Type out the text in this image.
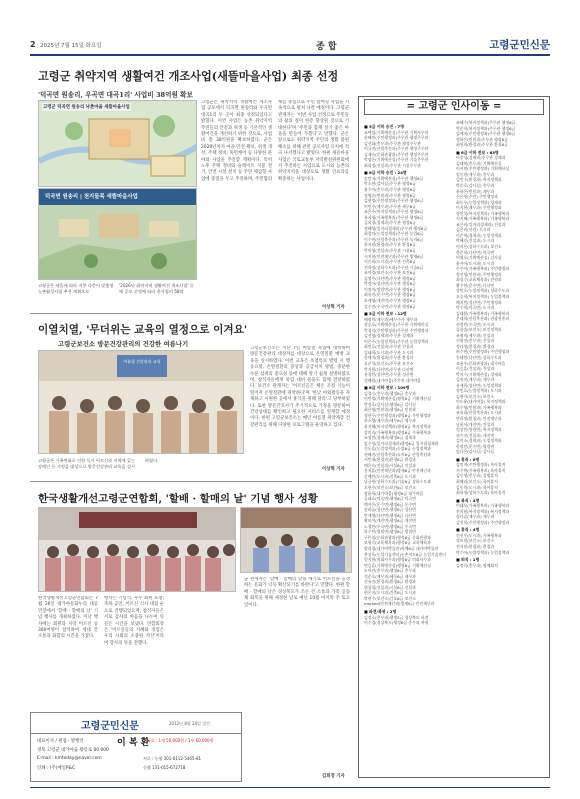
2 2025년 7월 15일 화요일	종 합	고령군민신문
고령군 취약지역 생활여건 개조사업(새뜰마을사업) 최종 선정
'덕곡면 원송리, 우곡면 대곡1리' 사업비 38억원 확보
고령군 덕곡면 원송리 낙촌마을 새뜰마을사업
덕곡면 원송리 | 천지들목 새뜰마을사업
고령군은 새뜰에 따라 지붕 다층이 맞춤형 농촌활성사업 추진 계획으로
'2026년 취약지역 생활여건 개조사업' 등에 공모 선정에 따라 총사업비 58억
고령군은 취약지역 생활여건 개조사업 공모에서 덕곡면 원송리와 우곡면 대곡1리 두 곳이 최종 선정되었다고 밝혔다. 이번 사업은 농촌 취약지역 주민들의 안전과 위생 등 기본적인 생활여건을 개선하기 위한 것으로, 사업비 총 38억원을 확보하였다. 군은 2029년까지 마을 안전 확보, 위생 개선, 주택 정비, 휴먼케어 등 다양한 분야의 사업을 추진할 계획이다. 특히 노후 주택 정비와 슬레이트 지붕 철거, 안전 시설 설치 등 주민 체감형 사업에 중점을 두고 추진하며, 주민협의체를 중심으로 주민 참여형 사업을 지속적으로 펼쳐 나갈 예정이다. 고령군 관계자는 '이번 사업 선정으로 주민들의 삶의 질이 한층 향상될 것으로 기대한다'며 '주민과 함께 살기 좋은 마을을 만들어 가겠다'고 말했다. 군은 앞으로도 취약지역 주민의 생활 불편 해소를 위해 관련 공모사업 유치에 적극 나서겠다고 밝혔다. 한편 새뜰마을사업은 국토교통부 지역발전위원회에서 추진하는 사업으로 도시와 농촌의 취약지역을 대상으로 생활 인프라를 확충하는 사업이다.
이상혁 기자
이열치열, '무더위는 교육의 열정으로 이겨요'
고령군보건소 방문건강관리의 건강한 여름나기
여름철 건강관리 교육
고령군은 가족변화로 인한 독거 어르신과 지역에 있는 장애인 등 가정을 대상으로 방문건강관리 교육을 실시하였다.
고령군보건소는 지난 7일 여름철 폭염에 대비하여 방문건강관리 대상자를 대상으로 온열질환 예방 교육을 실시하였다. 이번 교육은 폭염특보 발령 시 행동요령, 온열질환의 증상과 응급처치 방법, 충분한 수분 섭취의 중요성 등에 대해 알기 쉽게 설명하였으며, 참석자들에게 폭염 대비 물품도 함께 전달하였다. 보건소 관계자는 '어르신들은 체온 조절 기능이 떨어져 온열질환에 취약하다'며 '한낮 야외활동을 자제하고 시원한 곳에서 휴식을 취해 달라'고 당부하였다. 또한 방문간호사가 주기적으로 가정을 방문하여 건강상태를 확인하고 필요한 서비스를 연계할 예정이다. 한편 고령군보건소는 매년 여름철 취약계층 건강관리를 위해 다양한 프로그램을 운영하고 있다.
이상혁 기자
한국생활개선고령군연합회, '할배 · 할매의 날' 기념 행사 성황
한국생활개선고령군연합회는 7월 26일 대가야문화누리 대공연장에서 '할배 · 할매의 날' 기념 행사를 개최하였다. 이날 행사에는 회원과 지역 어르신 등 300여명이 참석하여 세대 간 소통과 화합의 시간을 가졌다.
행사는 기념식, 우수 회원 표창, 축하 공연, 어르신 식사 대접 순으로 진행되었으며, 참석자들은 서로 감사의 마음을 나누며 뜻깊은 시간을 보냈다. 연합회장은 '어르신들의 지혜와 경험은 우리 사회의 소중한 자산'이라며 감사의 뜻을 전했다.
군 관계자는 '할배 · 할매의 날을 계기로 어르신을 공경하는 문화가 더욱 확산되기를 바란다'고 말했다. 한편 할배 · 할매의 날은 경상북도가 조손 간 소통과 가족 공동체 회복을 위해 제정한 날로 매년 10월 마지막 주 토요일이다.
김희정 기자
고령군민신문	2012년 8월 24일 창간
대표이사 / 편집 · 발행인	이 복 환
경북 고령군 대가야읍 왕릉로 00 000
E-mail : kmtoday@naver.com
인쇄 : (주)매일P&C
구독료 : 1개 50,000원 / 1부 60,000원
지로 : 농협 301-0112-5465-81
신협 131-015-672718
= 고령군 인사이동 =
■ 5급 이하 승진 : 7명
조택임(기획예산실)주무관 기획사무관
한혜연(주민행정과)주무관 행정주무관
김선화(총무과)주무관 행정주무관
이규진(산림축산과)주무관 행정주무관
김재숙(문화관광과)주무관 행정주무관
박정은(기획예산실)주무관 기술주무관
최희정(건설과)주무관 시설주무관
■ 6급 이하 승진 : 24명
송민지(기획예산실)주무관 행정6급
박소연(감사실)주무관 행정6급
윤수아(총무과)주무관 행정6급
정영순(민원과)주무관 행정6급
김현정(주민행정과)주무관 행정6급
이민주(재무과)주무관 세무6급
조은주(복지정책과)주무관 행정6급
유지영(가족행복과)주무관 행정6급
김희경(경제과)주무관 행정6급
정혜영(일자리경제과)주무관 행정6급
최경미(농업정책과)주무관 농업6급
이수연(산림축산과)주무관 녹지6급
한지원(환경과)주무관 환경6급
박미영(건설과)주무관 시설6급
서지현(안전재난과)주무관 방재6급
이은희(도시과)주무관 건축6급
전희정(상하수도과)주무관 기술6급
조미경(보건소)주무관 보건6급
김영주(다산면)주무관 행정6급
박정아(성산면)주무관 행정6급
이정미(쌍림면)주무관 행정6급
최유진(운수면)주무관 행정6급
오세영(개진면)주무관 행정6급
강수진(우곡면)주무관 행정6급
■ 5급 이하 전보 : 12명
배정미(재무과)세무주사 재무과
정승호(기획예산실)주무관 기획예산실
박경석(주민행정과)주무관 주민행정과
김선영(경제과)주무관 경제과
이은주(농업정책과)주무관 농업정책과
최민호(건설과)주무관 건설과
김태희(도시과)주무관 도시과
한예지(환경과)주무관 환경과
오준석(보건소)주무관 보건소
박지현(다산면)주무관 다산면
유경민(성산면)주무관 성산면
정혜원(대가야읍)주무관 대가야읍
■ 6급 이하 전보 : 109명
김경수(총무과)행정6급 총무과
이민정(기획예산실)행정6급 기획예산실
박성호(감사실)행정6급 감사실
최은영(민원과)행정6급 민원과
정현우(주민행정과)행정6급 주민행정과
한소영(재무과)세무6급 재무과
윤지혜(복지정책과)행정6급 복지정책과
강미숙(가족행복과)행정6급 가족행복과
조성민(경제과)행정6급 경제과
임수정(일자리경제과)행정6급 일자리경제과
신동훈(농업정책과)농업6급 농업정책과
권혜진(산림축산과)녹지6급 산림축산과
서민재(환경과)환경6급 환경과
배은숙(건설과)시설6급 건설과
홍지훈(안전재난과)방재6급 안전재난과
문예린(도시과)건축6급 도시과
남궁현(상하수도과)기술6급 상하수도과
오현주(보건소)보건6급 보건소
장윤희(대가야읍)행정6급 대가야읍
류태호(덕곡면)행정6급 덕곡면
백지은(운수면)행정6급 운수면
송하늘(성산면)행정6급 성산면
안재영(다산면)행정6급 다산면
황보미(개진면)행정6급 개진면
노경민(우곡면)행정6급 우곡면
하수빈(쌍림면)행정6급 쌍림면
구본철(문화관광과)행정6급 문화관광과
모영숙(교육체육과)행정6급 교육체육과
양희경(대가야박물관)학예6급 대가야박물관
추상욱(농업기술센터)농촌지도6급 농업기술센터
엄지현(의회사무과)행정6급 의회사무과
변승훈(기획예산실)행정6급 기획예산실
도미란(총무과)행정6급 총무과
석준호(재무과)세무6급 재무과
선유진(환경과)환경6급 환경과
위상철(건설과)시설6급 건설과
편은지(도시과)건축6급 도시과
탁현수(보건소)간호6급 보건소
marked(안전재난과)방재6급 안전재난과
■ 파견/복귀 : 2명
김정호(총무과)행정5급 경상북도 파견
이수경(경상북도)행정6급 총무과 복귀
조혜수(복지정책과)주무관 행정6급
박준희(복지정책과)주무관 행정6급
김예지(주민행정과)주무관 행정6급
정하은(민원과)주무관 행정6급
최원희(환경과)주무관 환경6급
■ 6급 이하 전보 : 63명
이종성(경제과)주무관 경제과
김태현(총무과) 기획예산실
이서연(주민행정과) 기획예산실
임동현(재무과) 총무과
김민수(환경과) 복지정책과
박준호(감사실) 총무과
윤하은(민원과) 재무과
신은정(주민) 주민행정과
최동우(농업정책과) 경제과
이지현(재무과) 주민행정과
정민석(복지정책과) 가족행복과
서지혜(가족행복과) 가족행복과
조은비(일자리경제과) 건설과
김은비(산림) 도시과
이준혁(경제과) 농업정책과
박혜진(건설과) 도시과
이지은(상하수도과) 보건소
한준희(다산면) 덕곡면
이영호(기획예산실) 감사실
윤서아(도시과) 도시과
손주아(가족행복과) 주민행정과
정선영(민원과) 주민행정과
최성수(교육체육과) 민원과
황수연(운수면) 다산면
강민호(농업정책과) 상하수도과
오승희(복지정책과) 농업정책과
배지민(성산면) 주민행정과
박수희(덕곡면) 도시과
김태환(가족행복과) 가족행복과
문태희(산림축산과) 관광진흥과
권정민(우곡면) 도시과
류한솔(보건소) 보건정책과
조영미(재무과) 건설과
서영진(총무과) 건설과
정다영(환경과) 환경과
허수현(주민행정과) 주민행정과
송태민(다산면) 상하수도과
조용우(문화관광과) 대가야읍
이승훈(건설과) 건설과
박지수(기획예산실) 경제과
김유진(재무과) 재무과
유재희(성산면) 농업정책과
정민호(농업정책과) 도시과
김현아(보건소) 보건소
이도윤(대가야읍) 복지정책과
최수영(민원과) 가족행복과
조유리(산림축산과) 도시과
변희정(환경과) 안전재난과
남윤서(개진면) 건설과
엄상민(쌍림면) 복지정책과
권수진(건설과) 개진면
김미소(경제과) 농업정책과
한정민(운수면) 쌍림면
임다은(감사실) 감사실
■ 휴직 : 6명
김민지(주민행정과) 육아휴직
서수연(가족행복과) 육아휴직
김동영(총무과) 질병휴직
최혜리(보건소) 육아휴직
김동희(도시과) 육아휴직
최하영(상하수도과) 육아휴직
■ 복직 : 4명
이태오(가족행복과) 가족행복과
전지원(복지정책과) 복지정책과
정다슬(재무과) 재무과
김진희(주민행정과) 주민행정과
■ 휴직 : 4명
전선우(도시과) 가족행복과
정보림(보건소) 보건소
전지원(환경과) 환경과
박수아(농업정책과) 농업정책과
■ 퇴직 : 1명
김정숙(총무과) 명예퇴직
